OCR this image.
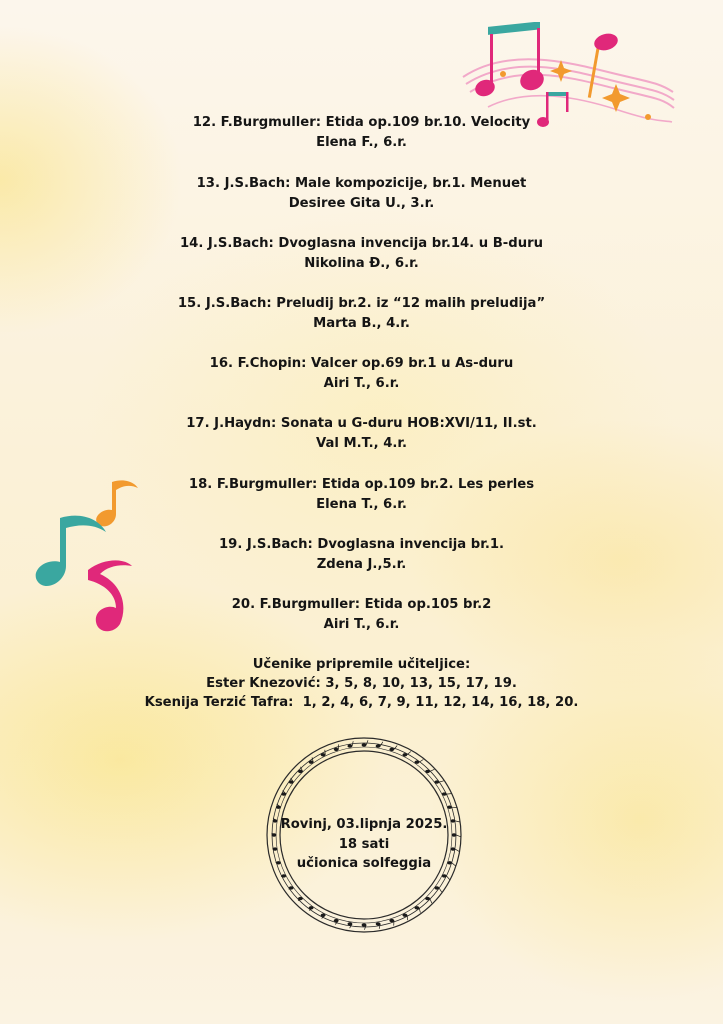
12. F.Burgmuller: Etida op.109 br.10. Velocity
Elena F., 6.r.
13. J.S.Bach: Male kompozicije, br.1. Menuet
Desiree Gita U., 3.r.
14. J.S.Bach: Dvoglasna invencija br.14. u B-duru
Nikolina Đ., 6.r.
15. J.S.Bach: Preludij br.2. iz “12 malih preludija”
Marta B., 4.r.
16. F.Chopin: Valcer op.69 br.1 u As-duru
Airi T., 6.r.
17. J.Haydn: Sonata u G-duru HOB:XVI/11, II.st.
Val M.T., 4.r.
18. F.Burgmuller: Etida op.109 br.2. Les perles
Elena T., 6.r.
19. J.S.Bach: Dvoglasna invencija br.1.
Zdena J.,5.r.
20. F.Burgmuller: Etida op.105 br.2
Airi T., 6.r.
Učenike pripremile učiteljice:
Ester Knezović: 3, 5, 8, 10, 13, 15, 17, 19.
Ksenija Terzić Tafra:  1, 2, 4, 6, 7, 9, 11, 12, 14, 16, 18, 20.
Rovinj, 03.lipnja 2025.
18 sati
učionica solfeggia
